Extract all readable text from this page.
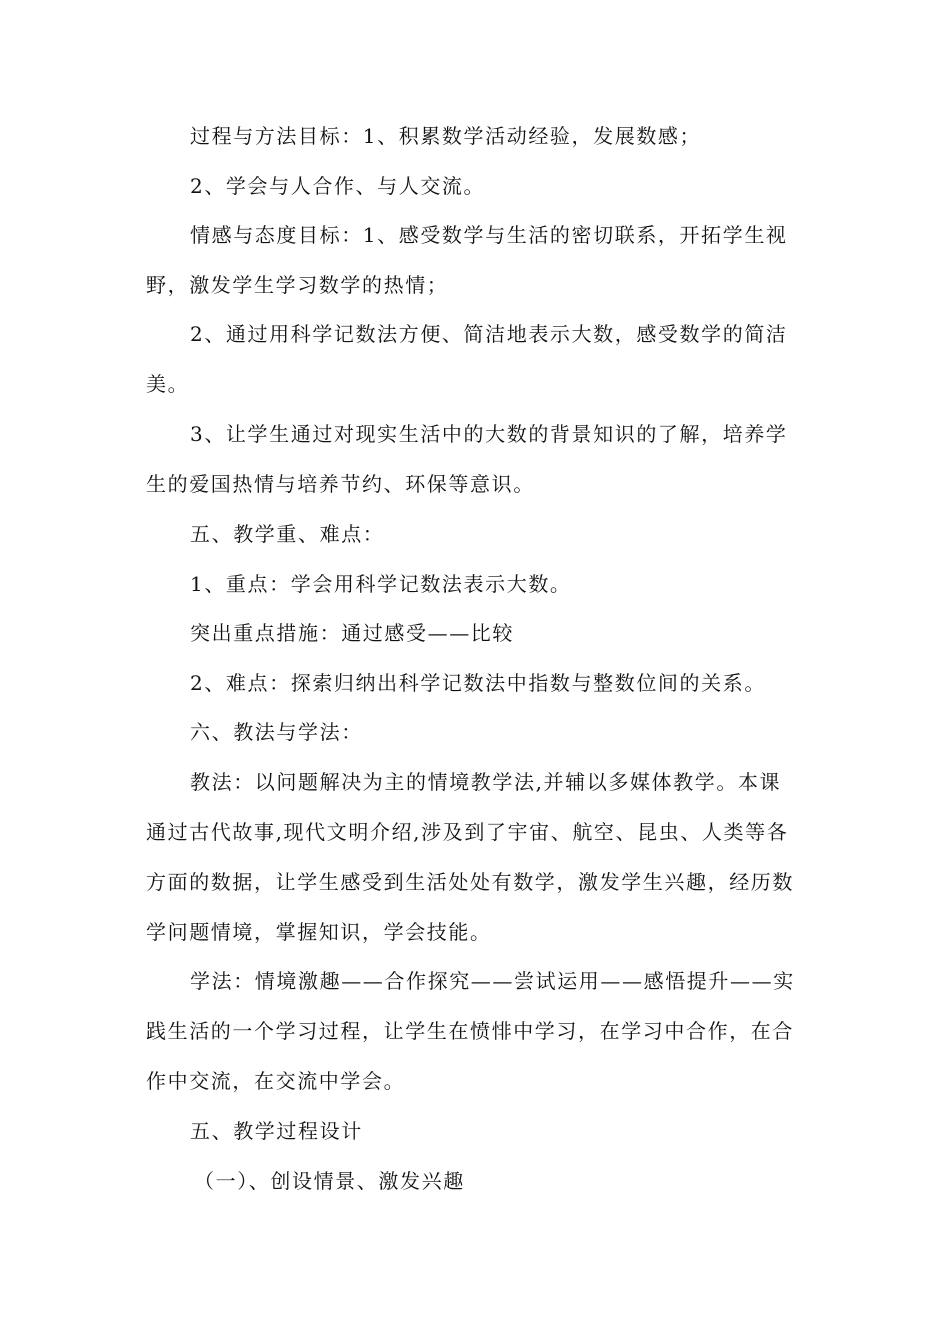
过程与方法目标：1、积累数学活动经验，发展数感；

2、学会与人合作、与人交流。

情感与态度目标：1、感受数学与生活的密切联系，开拓学生视

野，激发学生学习数学的热情；

2、通过用科学记数法方便、简洁地表示大数，感受数学的简洁

美。

3、让学生通过对现实生活中的大数的背景知识的了解，培养学

生的爱国热情与培养节约、环保等意识。

五、教学重、难点：

1、重点：学会用科学记数法表示大数。

突出重点措施：通过感受——比较

2、难点：探索归纳出科学记数法中指数与整数位间的关系。

六、教法与学法：

教法：以问题解决为主的情境教学法,并辅以多媒体教学。本课

通过古代故事,现代文明介绍,涉及到了宇宙、航空、昆虫、人类等各

方面的数据，让学生感受到生活处处有数学，激发学生兴趣，经历数

学问题情境，掌握知识，学会技能。

学法：情境激趣——合作探究——尝试运用——感悟提升——实

践生活的一个学习过程，让学生在愤悱中学习，在学习中合作，在合

作中交流，在交流中学会。

五、教学过程设计

（一）、创设情景、激发兴趣
